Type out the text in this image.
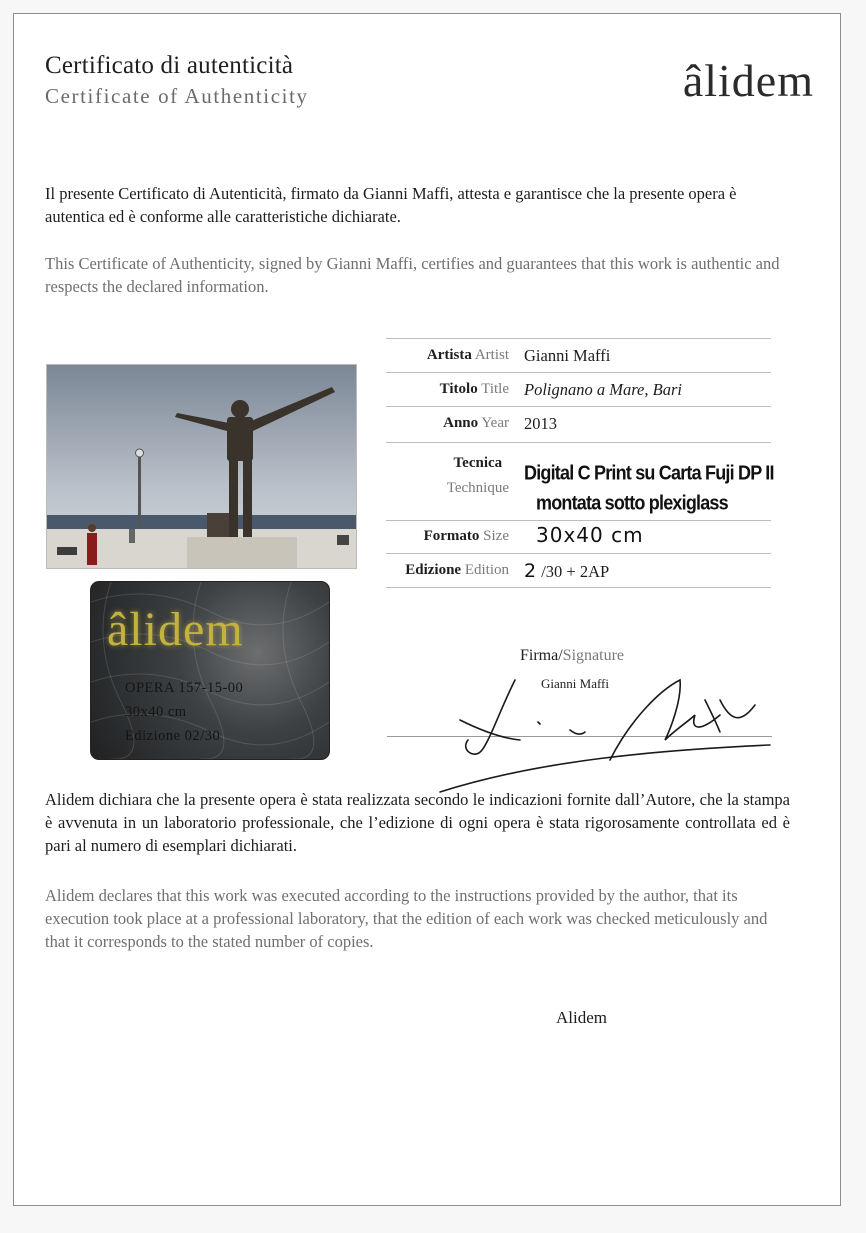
Certificato di autenticità
Certificate of Authenticity	âlidem
Il presente Certificato di Autenticità, firmato da Gianni Maffi, attesta e garantisce che la presente opera è autentica ed è conforme alle caratteristiche dichiarate.
This Certificate of Authenticity, signed by Gianni Maffi, certifies and guarantees that this work is authentic and respects the declared information.
âlidem
OPERA 157-15-00
30x40 cm
Edizione 02/30
Artista Artist Gianni Maffi
Titolo Title Polignano a Mare, Bari
Anno Year 2013
Tecnica
Technique
Digital C Print su Carta Fuji DP II
montata sotto plexiglass
Formato Size 30x40 cm
Edizione Edition 2 /30 + 2AP
Firma/Signature
Gianni Maffi
Alidem dichiara che la presente opera è stata realizzata secondo le indicazioni fornite dall’Autore, che la stampa è avvenuta in un laboratorio professionale, che l’edizione di ogni opera è stata rigorosamente controllata ed è pari al numero di esemplari dichiarati.
Alidem declares that this work was executed according to the instructions provided by the author, that its execution took place at a professional laboratory, that the edition of each work was checked meticulously and that it corresponds to the stated number of copies.
Alidem
